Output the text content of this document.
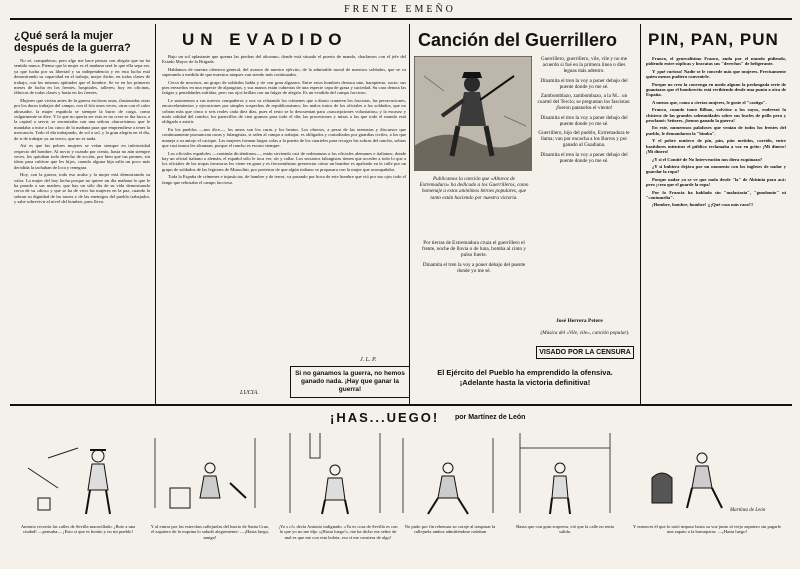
FRENTE EMEÑO
¿Qué será la mujer después de la guerra?

No sé, compañeras; pero algo me hace pensar con alegría que no ha sentido nunca. Pienso que la mujer es el mañana será lo que ella sepa ser, ya que lucha por su libertad y su independencia y en esta lucha está demostrando su capacidad en el trabajo, mejor dicho, en todas clases de trabajo, con los mismos aptitudes que el hombre. Se ve en los primeros meses de lucha en los frentes, hospitales, talleres; hoy en oficinas, fábricas de todas clases y hasta en los frentes.

Mujeres que vivían antes de la guerra esclavas unas, ilusionadas otras por los duros trabajos del campo, con el frío unos veces, otras con el calor abrasador, la mujer española se siempre la burro de carga, como vulgarmente se dice. Y lo que no quería ser esto es no creer se iba lucra, a la capital a servir, se encontraba con una señora «burorisima» que le mandaba a mise a las cinco de la mañana para que emprendiese a tener la mercancía. Todo el día trabajando, de sol a sol, y la gran alegría en el día, de ir de trabajar ya un tercio, que no es nada.

Así es que las pobres mujeres se veían siempre en inferioridad respecto del hombre. Al novio y cuando por ciento, hasta no aún siempre veces, les quitaban todo derecho de acción, por bien que tus peones, sin ideas para cultivar que les hijos, cuando alguna hija salía un poco más decidida la tachaban de loca y renegara.

Hoy, con la guerra, todo eso acaba y la mujer está demostrando su valor. La mujer del hoy lucha porque no quiere un día mañana lo que le ha pasado a sus madres; que hay un sólo día de su vida demostrando cerca de su «dios» y que se ha de vivir las mujeres en la paz, cuando la sobran su dignidad de las tareas y de las enemigos del pueblo trabajador, y sabe sobrevivir al nivel del hombre, pues lleva.

UN EVADIDO

Bajo un sol aplastante que quema las piedras del altozano, donde está situado el puesto de mando, charlamos con el jefe del Estado Mayor de la Brigada.

Hablamos de nuestra ofensiva general, del avance de nuestro ejército, de la admirable moral de nuestros soldados, que se va superando a medida de que nuestros ataques van siendo más continuados.

Cerca de nosotros, un grupo de soldados habla y ríe con gran algazara. Entre estos hombres destaca uno, harapiento, sucio; sus pies envueltos en una especie de alpargatas, y sus manos están cubiertas de una especie capa de grasa y suciedad. Su cara denota las fatigas y penalidades sufridas, pero sus ojos brillan con un fulgor de alegría. Es un evadido del campo faccioso.

Le sustraemos a sus nuevos compañeros y nos va relatando los crímenes que a diario cometen los fascistas, las persecuciones, encarcelamientos y ejecuciones por simples sospechas de republicanismo; los malos tratos de los oficiales a los soldados, que no cobran más que cinco o seis reales cada diez días, pues el resto se lo descuentan para «suscripciones voluntarias» y la escasez y mala calidad del rancho; los panecillos de cien gramos para todo el día; las procesiones y misas a las que todo el mundo está obligado a asistir.

En los pueblos —nos dice—, los amos son los curas y los beatos. Los obreros, a pesar de las serenatas y discursos que continuamente pronuncian curas y falangistas, si salen al campo a trabajar, es obligados y custodiados por guardias civiles, a los que maneja a su antojo el cacique. Las mujeres forman largas colas a la puerta de los cuarteles para recoger las sobras del rancho, sobras que casi nunca les alcanzan, porque el rancho es escaso siempre.

Los oficiales españoles —continúa diciéndonos—, están sirviendo casi de ordenanzas a los oficiales alemanes e italianos; donde hay un oficial italiano o alemán, el español sólo le toca ver, oír y callar. Los sectarios falangistas tienen que acceder a todo lo que a los oficiales de las tropas invasoras les viene en gana y es frecuentísimo presenciar cómo un hombre es apaleado en la calle por un grupo de soldados de las legiones de Mussolini, por protestar de que algún italiano se propasara con la mujer que acompañaba.

Toda la España de crímenes e injusticias, de hambre y de terror, va pasando por boca de este hombre que vió por sus ojos todo el fango que rebosaba el campo faccioso.

J. L. P.
LUCIA.
Si no ganamos la guerra, no hemos ganado nada. ¡Hay que ganar la guerra!
Canción del Guerrillero
Publicamos la canción que «Altavoz de Extremadura» ha dedicado a los Guerrilleros, como homenaje a estos anónimos héroes populares, que tanto están haciendo por nuestra victoria.
Por tierras de Extremadura cruza el guerrillero el frente, noche de lluvia o de luna, bomba al cinto y pulso fuerte.
Dinamita el tren la voy a poner debajo del puente donde yo me sé.
Guerrillero, guerrillero, vile, vile y no me acuerdo si fué en la primera línea o dies leguas más adentro.
Dinamita el tren la voy a poner debajo del puente donde yo me sé.
Zambomblazo, zambombazo, a la M... un cuartel del Tercio; se preguntan los fascistas: ¡fueron patanelos el viento!
Dinamita el tren la voy a poner debajo del puente donde yo me sé.
Guerrillero, hijo del pueblo, Extremadura te llama; van por encacha a los Barros y por ganado al Guadiana.
Dinamita el tren la voy a poner debajo del puente donde yo me sé.
José Herrera Petere
(Música del «Vile, vile», canción popular).
VISADO POR LA CENSURA
El Ejército del Pueblo ha emprendido la ofensiva.
¡Adelante hasta la victoria definitiva!
PIN, PAN, PUN

Franco, el generalísimo Franco, anda por el mundo pidiendo, pidiendo entre súplicas y bravatas sus "derechos" de beligerante.

Y ¡qué curioso! Nadie se le concede más que mujeres. Precisamente quien menos pudiera convenirle.

Porque no creo la convenga en modo alguno la prolongada serie de guantazos que el hombrecito está recibiendo desde una punta a otra de España.

A menos que, como a ciertas mujeres, le guste el "castigo".

Franco, cuando tomó Bilbao, volvióse a los suyos, enderezó la chistera de las grandes solemnidades sobre sus bucles de pollo pera y proclamó: Señores, ¡hemos ganado la guerra!

En este, numerosos palafoxes que venían de todos los frentes del pueblo, le demandaron la "bimba".

Y el pobre muñeco de pin, pán, pún metidos, corrido, entre bastidores mientras el público reclamaba a voz en grito: ¡Mi dinero! ¡Mi dinero!

¿Y si el Comité de No Intervención nos diera esquinazo?

¿Y si hubiera dejára por un momento con los ingleses de nadar y guardar la ropa?

Porque nadar ya se ve que nada desde "la" de Abisinia para acá: pero ¡crea que el guarde la ropa!

Por lo Francia ha hablado sin "malastasia", "gundomio" ni "contumelia".

¡Hombre, hombre, hombre! ¡¡¡Qué cosa más rara!!!

¡HAS...UEGO! por Martínez de León
Martínez de León
Antonio recorría las calles de Sevilla maravillado. ¡Bote a una ciudad! —pensaba— ¡Esto si que es bonito y no mi pueblo!
Y al entrar por las estrechas callejuelas del barrio de Santa Cruz, el zapatero de la esquina lo saludó alegremente: —¡Hasta luego, amigo!
¡Yo s o!» decía Antonio indignado. «Ya es cosa de Sevilla es con lo que yo no me dijo «¡Hasta luego!», me ha dicho ese señor de mal es que me con esta boleta. eso sí me consiera de algo!
No pudo por fin rebenuar su coraje al traspasar la callejuela ambos admitiéndose rodaban
Hasta que con gran sorpresa, vió que la calle no tenía salida.
Y entonces él que lo notó impaso hasta su voz junto al viejo zapatero sin pagarle una zapato a la barraquera: —¡Hasta luego!
